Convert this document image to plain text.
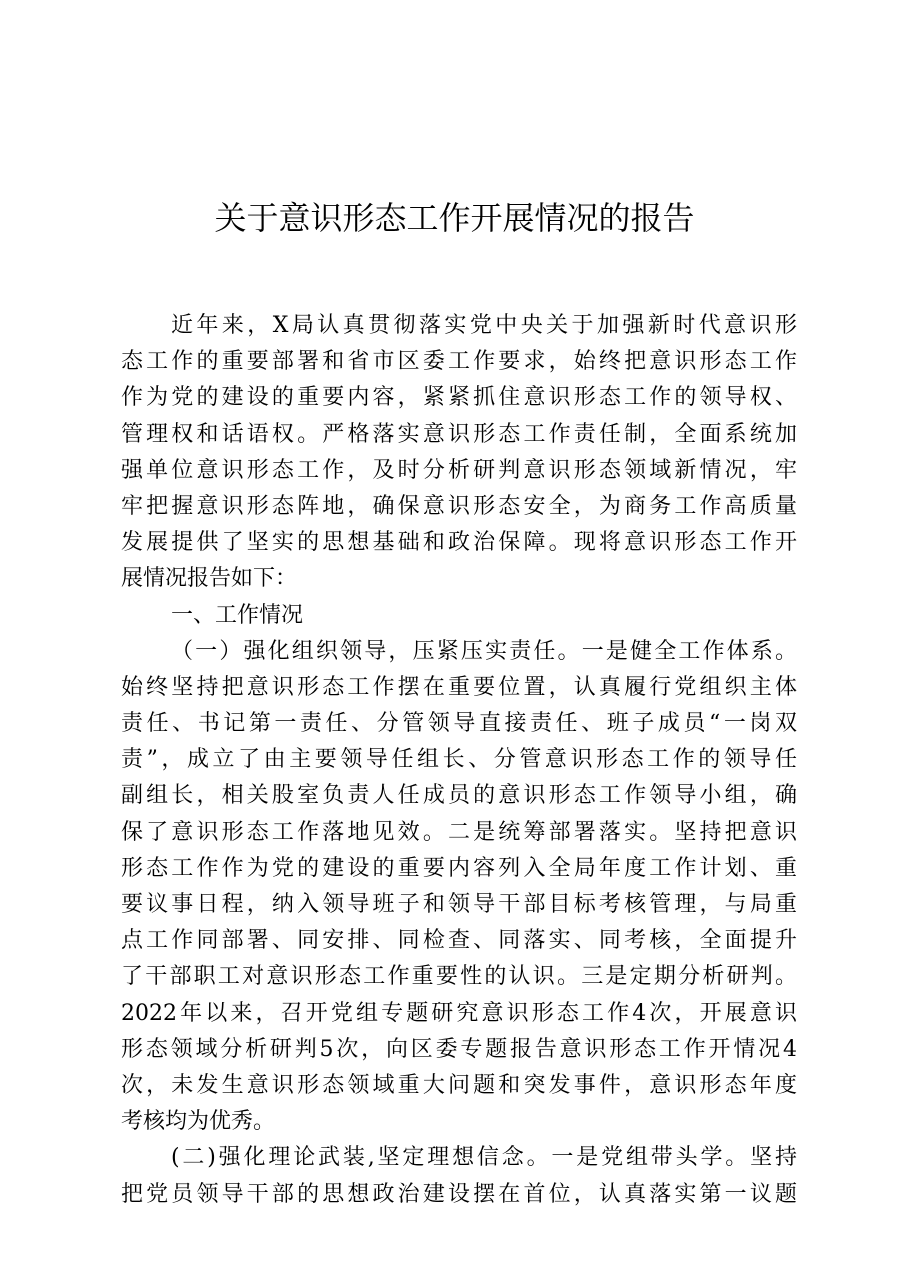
关于意识形态工作开展情况的报告
近年来，X局认真贯彻落实党中央关于加强新时代意识形
态工作的重要部署和省市区委工作要求，始终把意识形态工作
作为党的建设的重要内容，紧紧抓住意识形态工作的领导权、
管理权和话语权。严格落实意识形态工作责任制，全面系统加
强单位意识形态工作，及时分析研判意识形态领域新情况，牢
牢把握意识形态阵地，确保意识形态安全，为商务工作高质量
发展提供了坚实的思想基础和政治保障。现将意识形态工作开
展情况报告如下：
一、工作情况
（一）强化组织领导，压紧压实责任。一是健全工作体系。
始终坚持把意识形态工作摆在重要位置，认真履行党组织主体
责任、书记第一责任、分管领导直接责任、班子成员“一岗双
责”，成立了由主要领导任组长、分管意识形态工作的领导任
副组长，相关股室负责人任成员的意识形态工作领导小组，确
保了意识形态工作落地见效。二是统筹部署落实。坚持把意识
形态工作作为党的建设的重要内容列入全局年度工作计划、重
要议事日程，纳入领导班子和领导干部目标考核管理，与局重
点工作同部署、同安排、同检查、同落实、同考核，全面提升
了干部职工对意识形态工作重要性的认识。三是定期分析研判。
2022年以来，召开党组专题研究意识形态工作4次，开展意识
形态领域分析研判5次，向区委专题报告意识形态工作开情况4
次，未发生意识形态领域重大问题和突发事件，意识形态年度
考核均为优秀。
(二)强化理论武装,坚定理想信念。一是党组带头学。坚持
把党员领导干部的思想政治建设摆在首位，认真落实第一议题
